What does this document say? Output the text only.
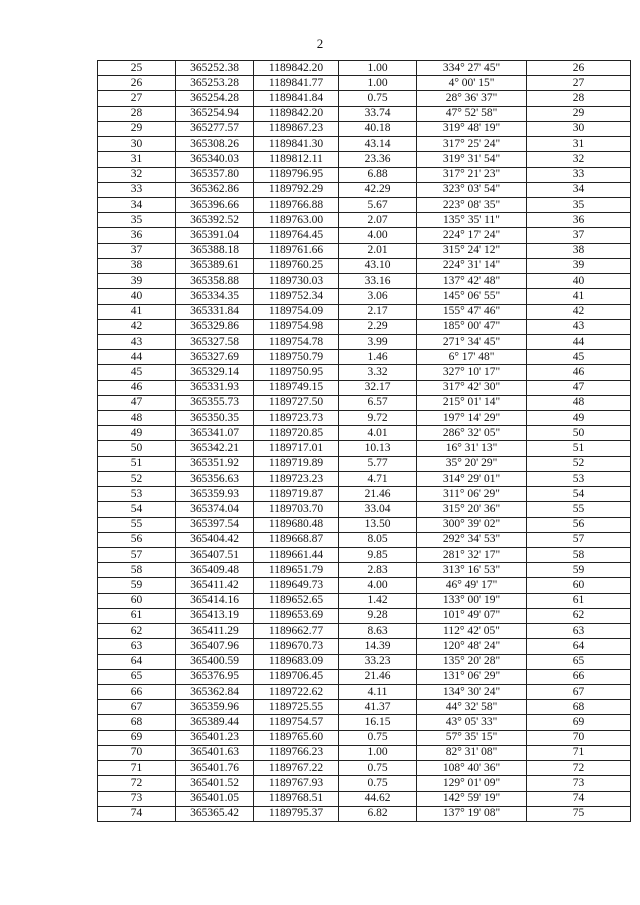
2
25	365252.38	1189842.20	1.00	334° 27' 45"	26
26	365253.28	1189841.77	1.00	4° 00' 15"	27
27	365254.28	1189841.84	0.75	28° 36' 37"	28
28	365254.94	1189842.20	33.74	47° 52' 58"	29
29	365277.57	1189867.23	40.18	319° 48' 19"	30
30	365308.26	1189841.30	43.14	317° 25' 24"	31
31	365340.03	1189812.11	23.36	319° 31' 54"	32
32	365357.80	1189796.95	6.88	317° 21' 23"	33
33	365362.86	1189792.29	42.29	323° 03' 54"	34
34	365396.66	1189766.88	5.67	223° 08' 35"	35
35	365392.52	1189763.00	2.07	135° 35' 11"	36
36	365391.04	1189764.45	4.00	224° 17' 24"	37
37	365388.18	1189761.66	2.01	315° 24' 12"	38
38	365389.61	1189760.25	43.10	224° 31' 14"	39
39	365358.88	1189730.03	33.16	137° 42' 48"	40
40	365334.35	1189752.34	3.06	145° 06' 55"	41
41	365331.84	1189754.09	2.17	155° 47' 46"	42
42	365329.86	1189754.98	2.29	185° 00' 47"	43
43	365327.58	1189754.78	3.99	271° 34' 45"	44
44	365327.69	1189750.79	1.46	6° 17' 48"	45
45	365329.14	1189750.95	3.32	327° 10' 17"	46
46	365331.93	1189749.15	32.17	317° 42' 30"	47
47	365355.73	1189727.50	6.57	215° 01' 14"	48
48	365350.35	1189723.73	9.72	197° 14' 29"	49
49	365341.07	1189720.85	4.01	286° 32' 05"	50
50	365342.21	1189717.01	10.13	16° 31' 13"	51
51	365351.92	1189719.89	5.77	35° 20' 29"	52
52	365356.63	1189723.23	4.71	314° 29' 01"	53
53	365359.93	1189719.87	21.46	311° 06' 29"	54
54	365374.04	1189703.70	33.04	315° 20' 36"	55
55	365397.54	1189680.48	13.50	300° 39' 02"	56
56	365404.42	1189668.87	8.05	292° 34' 53"	57
57	365407.51	1189661.44	9.85	281° 32' 17"	58
58	365409.48	1189651.79	2.83	313° 16' 53"	59
59	365411.42	1189649.73	4.00	46° 49' 17"	60
60	365414.16	1189652.65	1.42	133° 00' 19"	61
61	365413.19	1189653.69	9.28	101° 49' 07"	62
62	365411.29	1189662.77	8.63	112° 42' 05"	63
63	365407.96	1189670.73	14.39	120° 48' 24"	64
64	365400.59	1189683.09	33.23	135° 20' 28"	65
65	365376.95	1189706.45	21.46	131° 06' 29"	66
66	365362.84	1189722.62	4.11	134° 30' 24"	67
67	365359.96	1189725.55	41.37	44° 32' 58"	68
68	365389.44	1189754.57	16.15	43° 05' 33"	69
69	365401.23	1189765.60	0.75	57° 35' 15"	70
70	365401.63	1189766.23	1.00	82° 31' 08"	71
71	365401.76	1189767.22	0.75	108° 40' 36"	72
72	365401.52	1189767.93	0.75	129° 01' 09"	73
73	365401.05	1189768.51	44.62	142° 59' 19"	74
74	365365.42	1189795.37	6.82	137° 19' 08"	75
